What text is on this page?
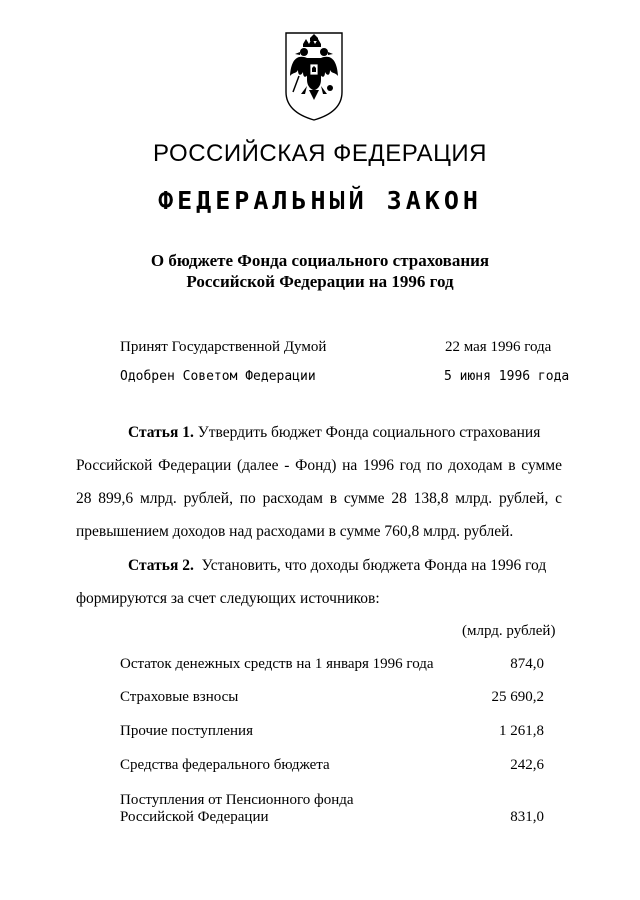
РОССИЙСКАЯ ФЕДЕРАЦИЯ
ФЕДЕРАЛЬНЫЙ ЗАКОН
О бюджете Фонда социального страхования
Российской Федерации на 1996 год
Принят Государственной Думой	22 мая 1996 года
Одобрен Советом Федерации	5 июня 1996 года
Статья 1. Утвердить бюджет Фонда социального страхования
Российской Федерации (далее - Фонд) на 1996 год по доходам в сумме
28 899,6 млрд. рублей, по расходам в сумме 28 138,8 млрд. рублей, с
превышением доходов над расходами в сумме 760,8 млрд. рублей.
Статья 2. Установить, что доходы бюджета Фонда на 1996 год
формируются за счет следующих источников:
(млрд. рублей)
Остаток денежных средств на 1 января 1996 года	874,0
Страховые взносы	25 690,2
Прочие поступления	1 261,8
Средства федерального бюджета	242,6
Поступления от Пенсионного фонда
Российской Федерации	831,0
